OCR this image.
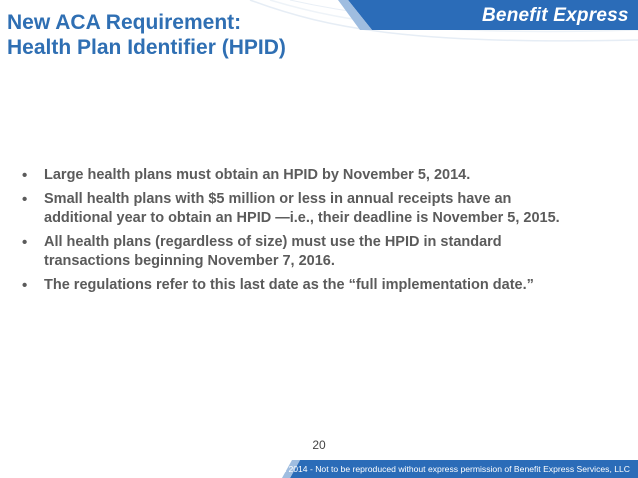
Benefit Express
New ACA Requirement:
Health Plan Identifier (HPID)
• Large health plans must obtain an HPID by November 5, 2014.
• Small health plans with $5 million or less in annual receipts have an
additional year to obtain an HPID —i.e., their deadline is November 5, 2015.
• All health plans (regardless of size) must use the HPID in standard
transactions beginning November 7, 2016.
• The regulations refer to this last date as the “full implementation date.”
20
Copyright 2014 - Not to be reproduced without express permission of Benefit Express Services, LLC
